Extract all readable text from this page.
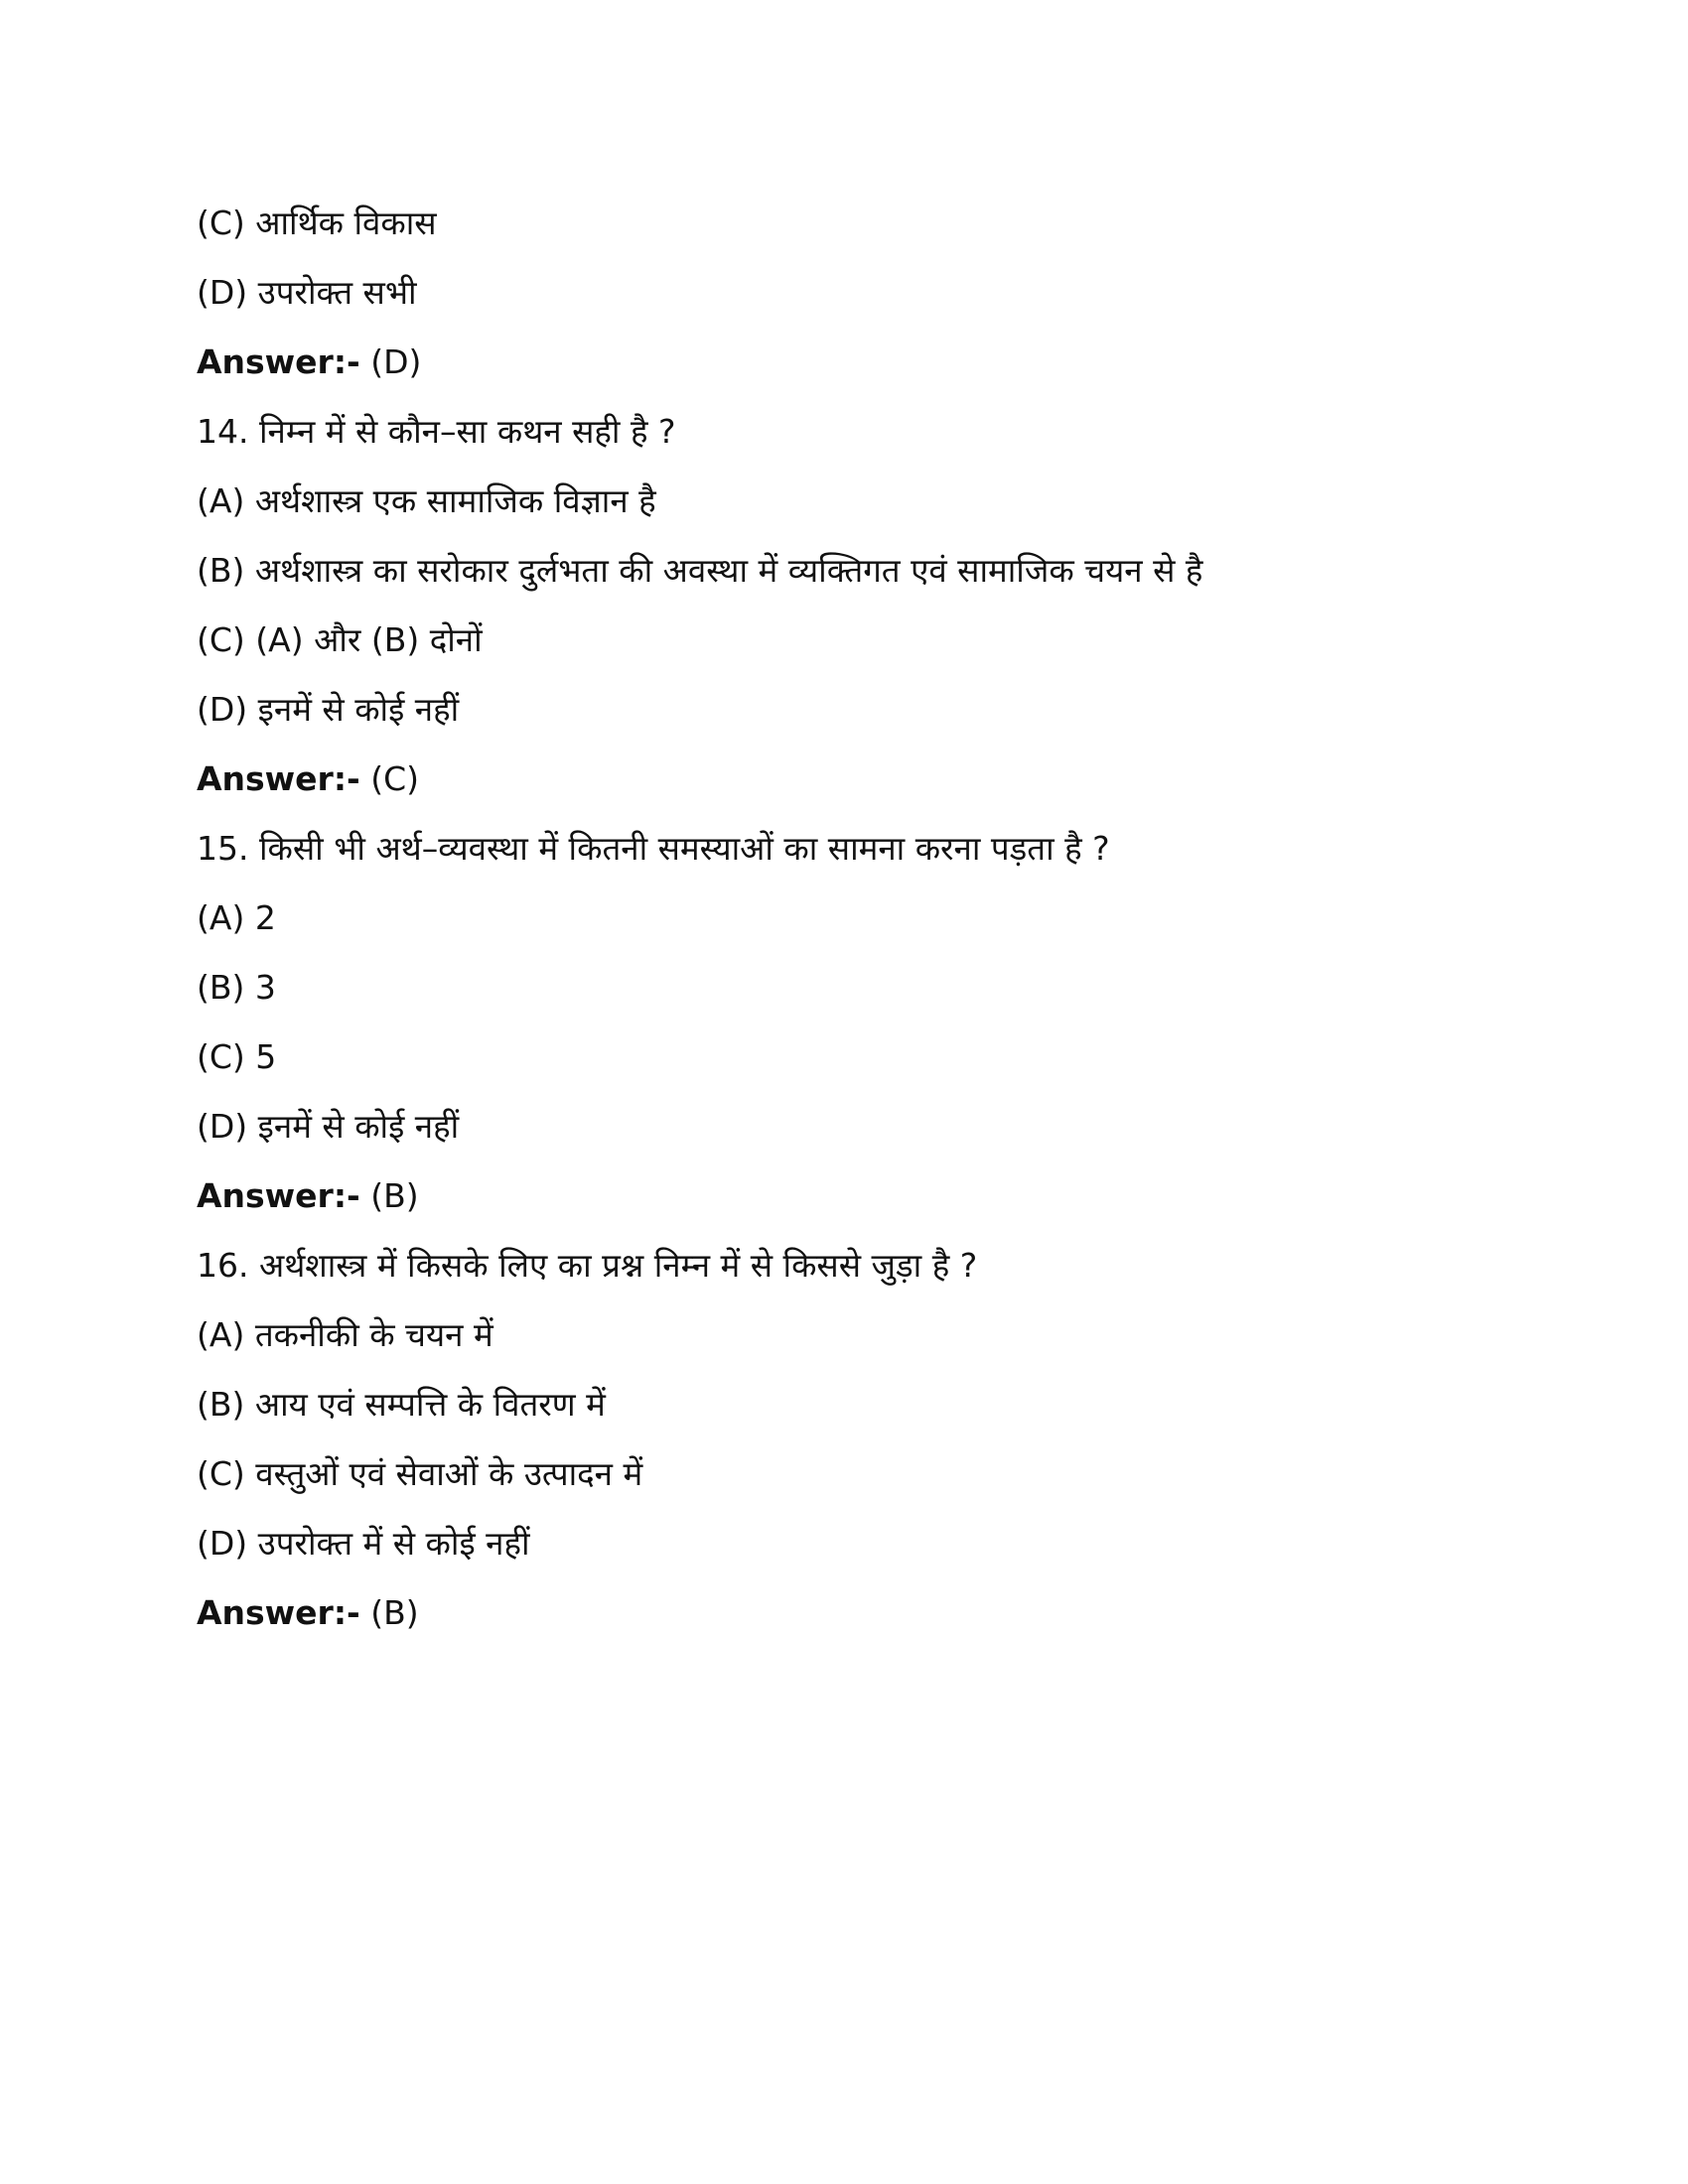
(C) आर्थिक विकास
(D) उपरोक्त सभी
Answer:- (D)
14. निम्न में से कौन–सा कथन सही है ?
(A) अर्थशास्त्र एक सामाजिक विज्ञान है
(B) अर्थशास्त्र का सरोकार दुर्लभता की अवस्था में व्यक्तिगत एवं सामाजिक चयन से है
(C) (A) और (B) दोनों
(D) इनमें से कोई नहीं
Answer:- (C)
15. किसी भी अर्थ–व्यवस्था में कितनी समस्याओं का सामना करना पड़ता है ?
(A) 2
(B) 3
(C) 5
(D) इनमें से कोई नहीं
Answer:- (B)
16. अर्थशास्त्र में किसके लिए का प्रश्न निम्न में से किससे जुड़ा है ?
(A) तकनीकी के चयन में
(B) आय एवं सम्पत्ति के वितरण में
(C) वस्तुओं एवं सेवाओं के उत्पादन में
(D) उपरोक्त में से कोई नहीं
Answer:- (B)
